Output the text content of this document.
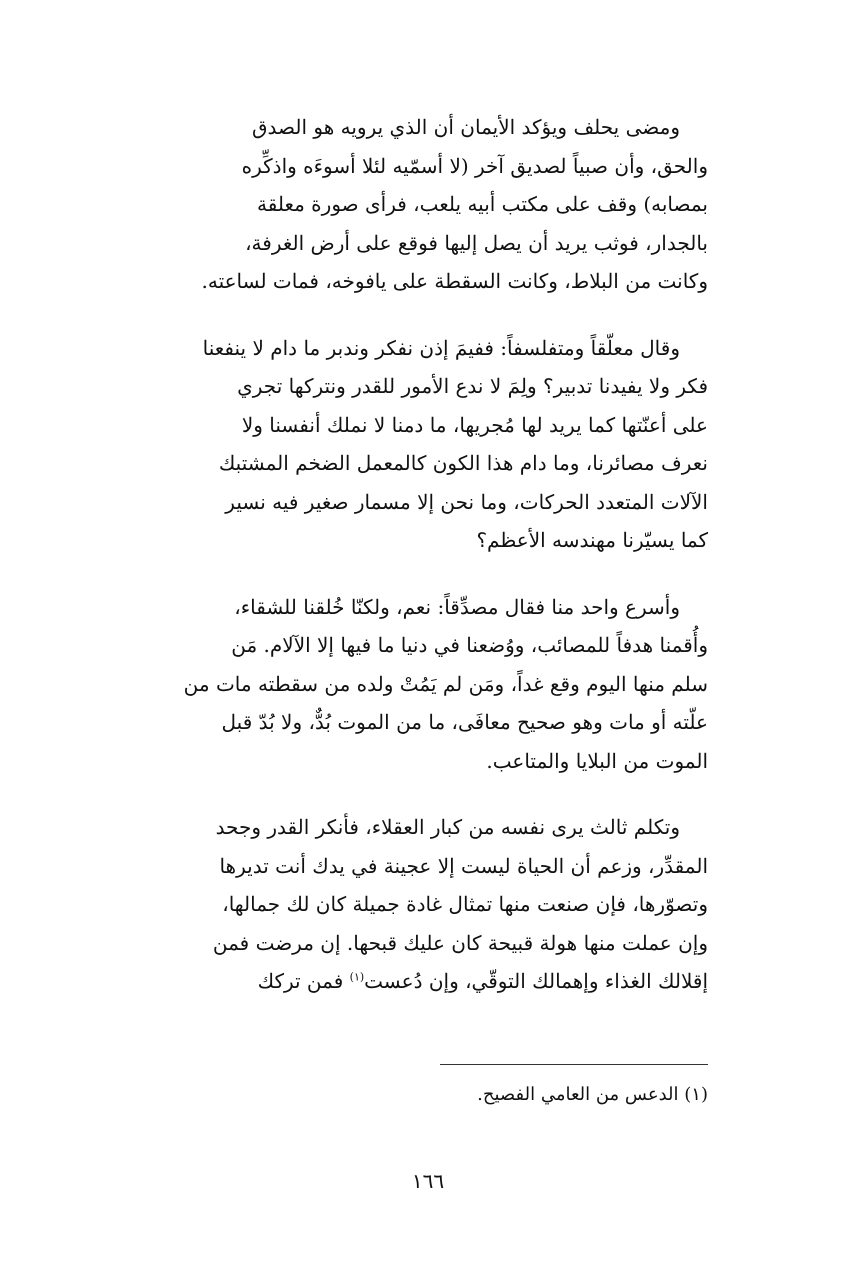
ومضى يحلف ويؤكد الأيمان أن الذي يرويه هو الصدق
والحق، وأن صبياً لصديق آخر (لا أسمّيه لئلا أسوءَه واذكِّره
بمصابه) وقف على مكتب أبيه يلعب، فرأى صورة معلقة
بالجدار، فوثب يريد أن يصل إليها فوقع على أرض الغرفة،
وكانت من البلاط، وكانت السقطة على يافوخه، فمات لساعته.

وقال معلّقاً ومتفلسفاً: ففيمَ إذن نفكر وندبر ما دام لا ينفعنا
فكر ولا يفيدنا تدبير؟ ولِمَ لا ندع الأمور للقدر ونتركها تجري
على أعنّتها كما يريد لها مُجريها، ما دمنا لا نملك أنفسنا ولا
نعرف مصائرنا، وما دام هذا الكون كالمعمل الضخم المشتبك
الآلات المتعدد الحركات، وما نحن إلا مسمار صغير فيه نسير
كما يسيّرنا مهندسه الأعظم؟

وأسرع واحد منا فقال مصدِّقاً: نعم، ولكنّا خُلقنا للشقاء،
وأُقمنا هدفاً للمصائب، ووُضعنا في دنيا ما فيها إلا الآلام. مَن
سلم منها اليوم وقع غداً، ومَن لم يَمُتْ ولده من سقطته مات من
علّته أو مات وهو صحيح معافَى، ما من الموت بُدٌّ، ولا بُدّ قبل
الموت من البلايا والمتاعب.

وتكلم ثالث يرى نفسه من كبار العقلاء، فأنكر القدر وجحد
المقدِّر، وزعم أن الحياة ليست إلا عجينة في يدك أنت تديرها
وتصوّرها، فإن صنعت منها تمثال غادة جميلة كان لك جمالها،
وإن عملت منها هولة قبيحة كان عليك قبحها. إن مرضت فمن
إقلالك الغذاء وإهمالك التوقّي، وإن دُعست$^{(١)}$ فمن تركك

(١) الدعس من العامي الفصيح.
١٦٦
